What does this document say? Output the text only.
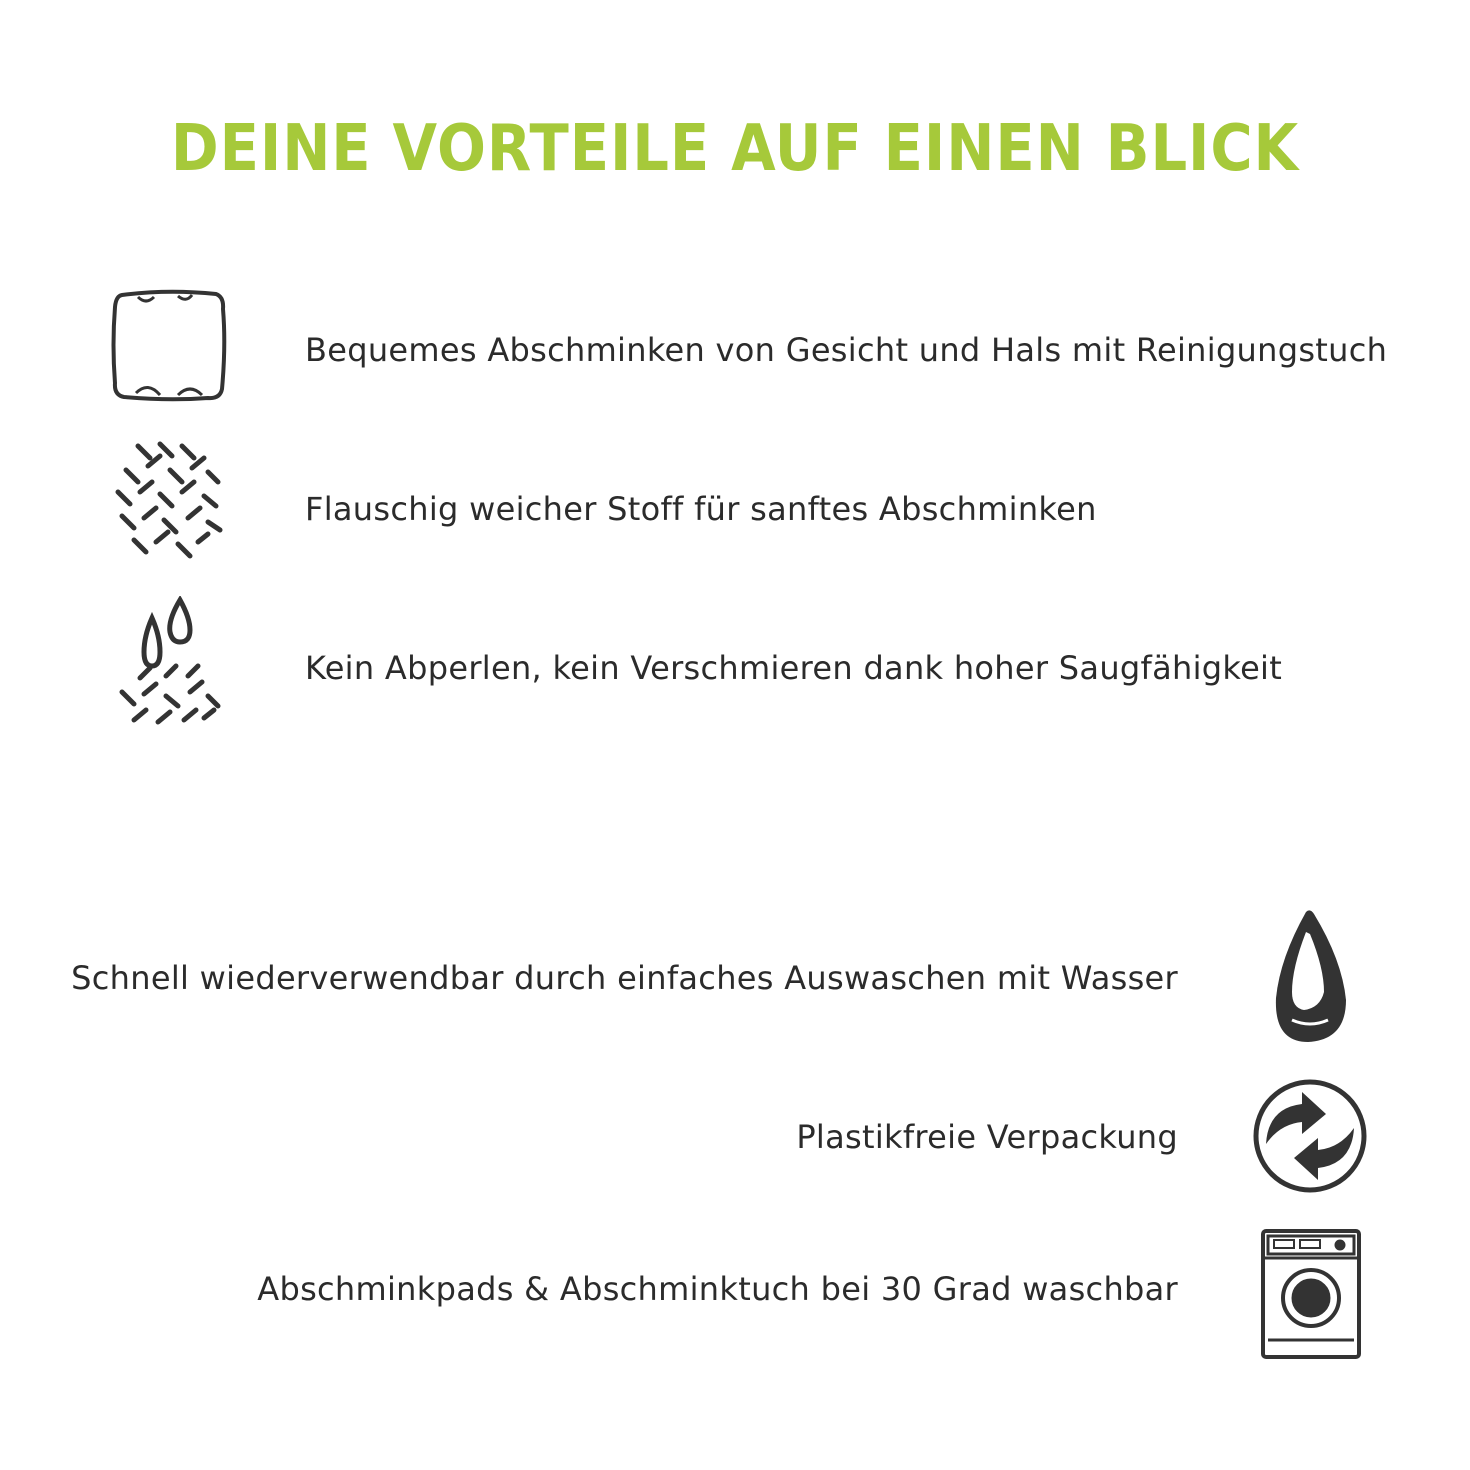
DEINE VORTEILE AUF EINEN BLICK
Bequemes Abschminken von Gesicht und Hals mit Reinigungstuch
Flauschig weicher Stoff für sanftes Abschminken
Kein Abperlen, kein Verschmieren dank hoher Saugfähigkeit
Schnell wiederverwendbar durch einfaches Auswaschen mit Wasser
Plastikfreie Verpackung
Abschminkpads & Abschminktuch bei 30 Grad waschbar
